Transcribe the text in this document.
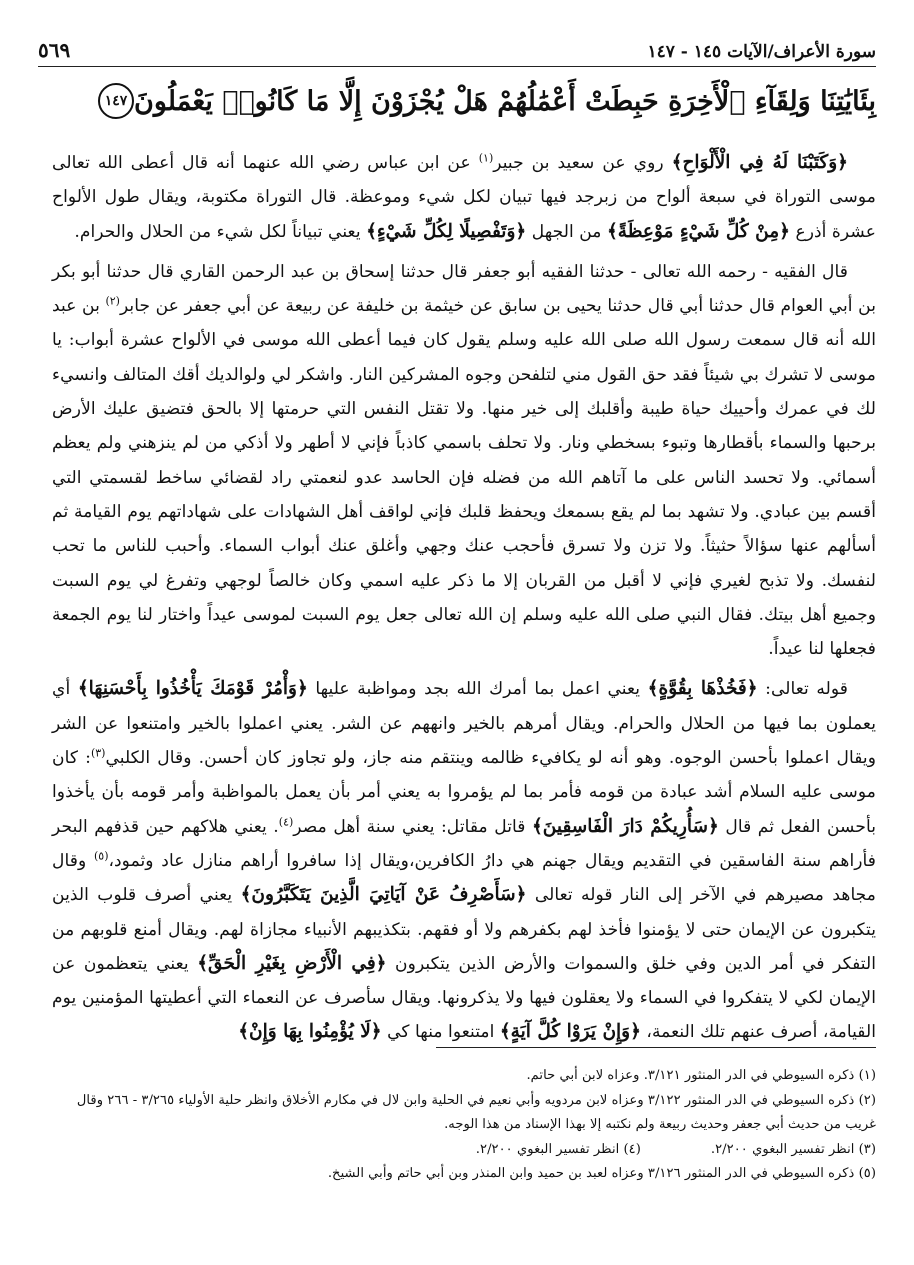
سورة الأعراف/الآيات ١٤٥ - ١٤٧
٥٦٩
بِئَايَٰتِنَا وَلِقَآءِ ٱلْأَخِرَةِ حَبِطَتْ أَعْمَٰلُهُمْ هَلْ يُجْزَوْنَ إِلَّا مَا كَانُوا۟ يَعْمَلُونَ
١٤٧

﴿وَكَتَبْنَا لَهُ فِي الْأَلْوَاحِ﴾ روي عن سعيد بن جبير$^{(١)}$ عن ابن عباس رضي الله عنهما أنه قال أعطى الله تعالى موسى التوراة في سبعة ألواح من زبرجد فيها تبيان لكل شيء وموعظة. قال التوراة مكتوبة، ويقال طول الألواح عشرة أذرع ﴿مِنْ كُلِّ شَيْءٍ مَوْعِظَةً﴾ من الجهل ﴿وَتَفْصِيلًا لِكُلِّ شَيْءٍ﴾ يعني تبياناً لكل شيء من الحلال والحرام.

قال الفقيه - رحمه الله تعالى - حدثنا الفقيه أبو جعفر قال حدثنا إسحاق بن عبد الرحمن القاري قال حدثنا أبو بكر بن أبي العوام قال حدثنا أبي قال حدثنا يحيى بن سابق عن خيثمة بن خليفة عن ربيعة عن أبي جعفر عن جابر$^{(٢)}$ بن عبد الله أنه قال سمعت رسول الله صلى الله عليه وسلم يقول كان فيما أعطى الله موسى في الألواح عشرة أبواب: يا موسى لا تشرك بي شيئاً فقد حق القول مني لتلفحن وجوه المشركين النار. واشكر لي ولوالديك أقك المتالف وانسيء لك في عمرك وأحييك حياة طيبة وأقلبك إلى خير منها. ولا تقتل النفس التي حرمتها إلا بالحق فتضيق عليك الأرض برحبها والسماء بأقطارها وتبوء بسخطي ونار. ولا تحلف باسمي كاذباً فإني لا أطهر ولا أذكي من لم ينزهني ولم يعظم أسمائي. ولا تحسد الناس على ما آتاهم الله من فضله فإن الحاسد عدو لنعمتي راد لقضائي ساخط لقسمتي التي أقسم بين عبادي. ولا تشهد بما لم يقع بسمعك ويحفظ قلبك فإني لواقف أهل الشهادات على شهاداتهم يوم القيامة ثم أسألهم عنها سؤالاً حثيثاً. ولا تزن ولا تسرق فأحجب عنك وجهي وأغلق عنك أبواب السماء. وأحبب للناس ما تحب لنفسك. ولا تذبح لغيري فإني لا أقبل من القربان إلا ما ذكر عليه اسمي وكان خالصاً لوجهي وتفرغ لي يوم السبت وجميع أهل بيتك. فقال النبي صلى الله عليه وسلم إن الله تعالى جعل يوم السبت لموسى عيداً واختار لنا يوم الجمعة فجعلها لنا عيداً.

قوله تعالى: ﴿فَخُذْهَا بِقُوَّةٍ﴾ يعني اعمل بما أمرك الله بجد ومواظبة عليها ﴿وَأْمُرْ قَوْمَكَ يَأْخُذُوا بِأَحْسَنِهَا﴾ أي يعملون بما فيها من الحلال والحرام. ويقال أمرهم بالخير وانههم عن الشر. يعني اعملوا بالخير وامتنعوا عن الشر ويقال اعملوا بأحسن الوجوه. وهو أنه لو يكافيء ظالمه وينتقم منه جاز، ولو تجاوز كان أحسن. وقال الكلبي$^{(٣)}$: كان موسى عليه السلام أشد عبادة من قومه فأمر بما لم يؤمروا به يعني أمر بأن يعمل بالمواظبة وأمر قومه بأن يأخذوا بأحسن الفعل ثم قال ﴿سَأُرِيكُمْ دَارَ الْفَاسِقِينَ﴾ قاتل مقاتل: يعني سنة أهل مصر$^{(٤)}$. يعني هلاكهم حين قذفهم البحر فأراهم سنة الفاسقين في التقديم ويقال جهنم هي دارُ الكافرين،ويقال إذا سافروا أراهم منازل عاد وثمود،$^{(٥)}$ وقال مجاهد مصيرهم في الآخر إلى النار قوله تعالى ﴿سَأَصْرِفُ عَنْ آيَاتِيَ الَّذِينَ يَتَكَبَّرُونَ﴾ يعني أصرف قلوب الذين يتكبرون عن الإيمان حتى لا يؤمنوا فأخذ لهم بكفرهم ولا أو فقهم. بتكذيبهم الأنبياء مجازاة لهم. ويقال أمنع قلوبهم من التفكر في أمر الدين وفي خلق والسموات والأرض الذين يتكبرون ﴿فِي الْأَرْضِ بِغَيْرِ الْحَقِّ﴾ يعني يتعظمون عن الإيمان لكي لا يتفكروا في السماء ولا يعقلون فيها ولا يذكرونها. ويقال سأصرف عن النعماء التي أعطيتها المؤمنين يوم القيامة، أصرف عنهم تلك النعمة، ﴿وَإِنْ يَرَوْا كُلَّ آيَةٍ﴾ امتنعوا منها كي ﴿لَا يُؤْمِنُوا بِهَا وَإِنْ﴾

(١) ذكره السيوطي في الدر المنثور ٣/١٢١. وعزاه لابن أبي حاتم.

(٢) ذكره السيوطي في الدر المنثور ٣/١٢٢ وعزاه لابن مردويه وأبي نعيم في الحلية وابن لال في مكارم الأخلاق وانظر حلية الأولياء ٣/٢٦٥ - ٢٦٦ وقال غريب من حديث أبي جعفر وحديث ربيعة ولم نكتبه إلا بهذا الإسناد من هذا الوجه.

(٣) انظر تفسير البغوي ٢/٢٠٠.
(٤) انظر تفسير البغوي ٢/٢٠٠.

(٥) ذكره السيوطي في الدر المنثور ٣/١٢٦ وعزاه لعبد بن حميد وابن المنذر وبن أبي حاتم وأبي الشيخ.
